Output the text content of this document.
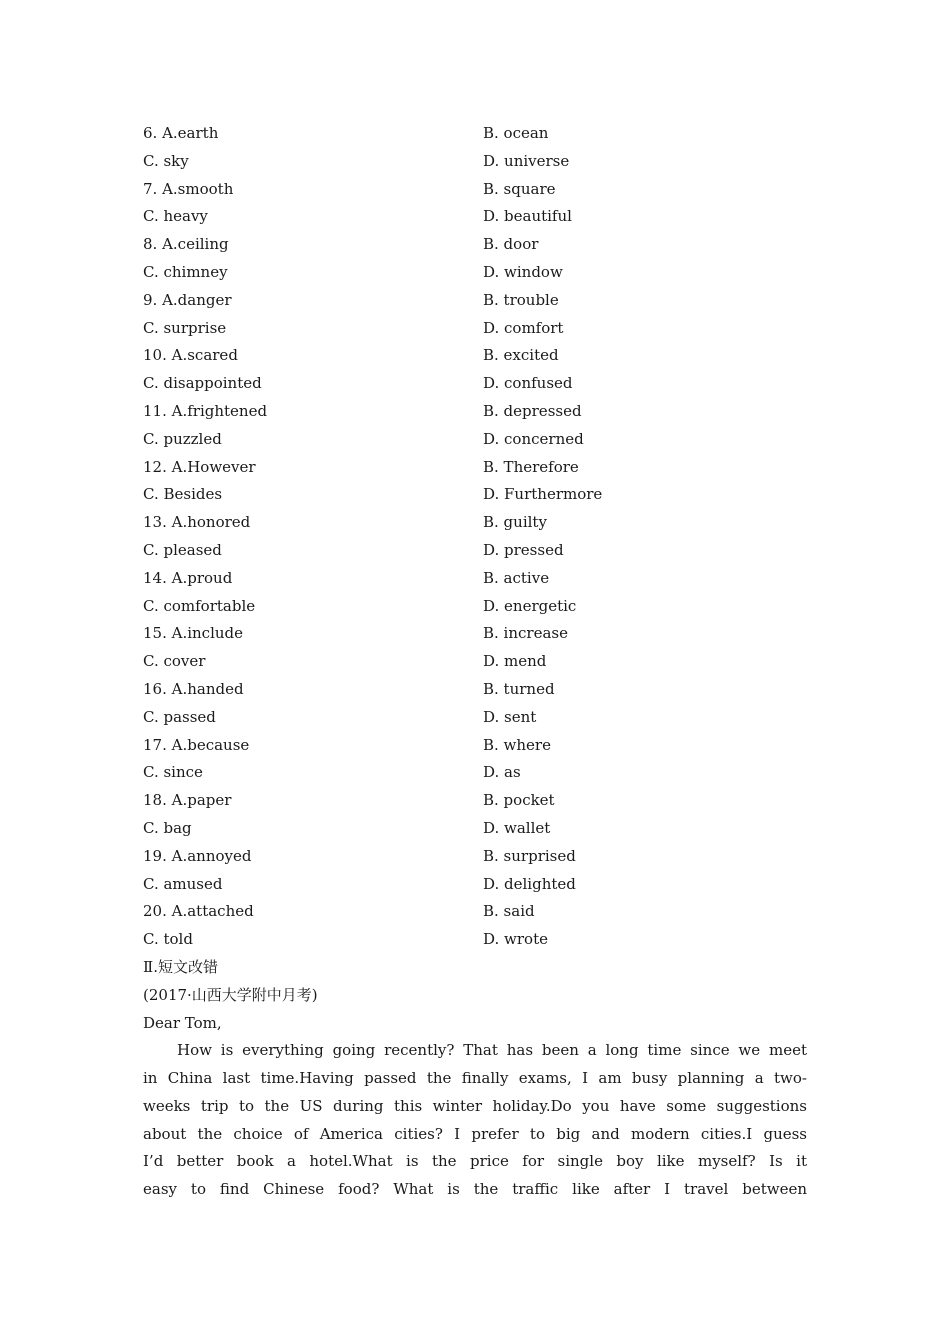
6. A.earth	B. ocean
C. sky	D. universe
7. A.smooth	B. square
C. heavy	D. beautiful
8. A.ceiling	B. door
C. chimney	D. window
9. A.danger	B. trouble
C. surprise	D. comfort
10. A.scared	B. excited
C. disappointed	D. confused
11. A.frightened	B. depressed
C. puzzled	D. concerned
12. A.However	B. Therefore
C. Besides	D. Furthermore
13. A.honored	B. guilty
C. pleased	D. pressed
14. A.proud	B. active
C. comfortable	D. energetic
15. A.include	B. increase
C. cover	D. mend
16. A.handed	B. turned
C. passed	D. sent
17. A.because	B. where
C. since	D. as
18. A.paper	B. pocket
C. bag	D. wallet
19. A.annoyed	B. surprised
C. amused	D. delighted
20. A.attached	B. said
C. told	D. wrote
Ⅱ.短文改错
(2017·山西大学附中月考)
Dear Tom,
How is everything going recently? That has been a long time since we meet
in China last time.Having passed the finally exams, I am busy planning a two-
weeks trip to the US during this winter holiday.Do you have some suggestions
about the choice of America cities? I prefer to big and modern cities.I guess
I’d better book a hotel.What is the price for single boy like myself? Is it
easy to find Chinese food? What is the traffic like after I travel between
